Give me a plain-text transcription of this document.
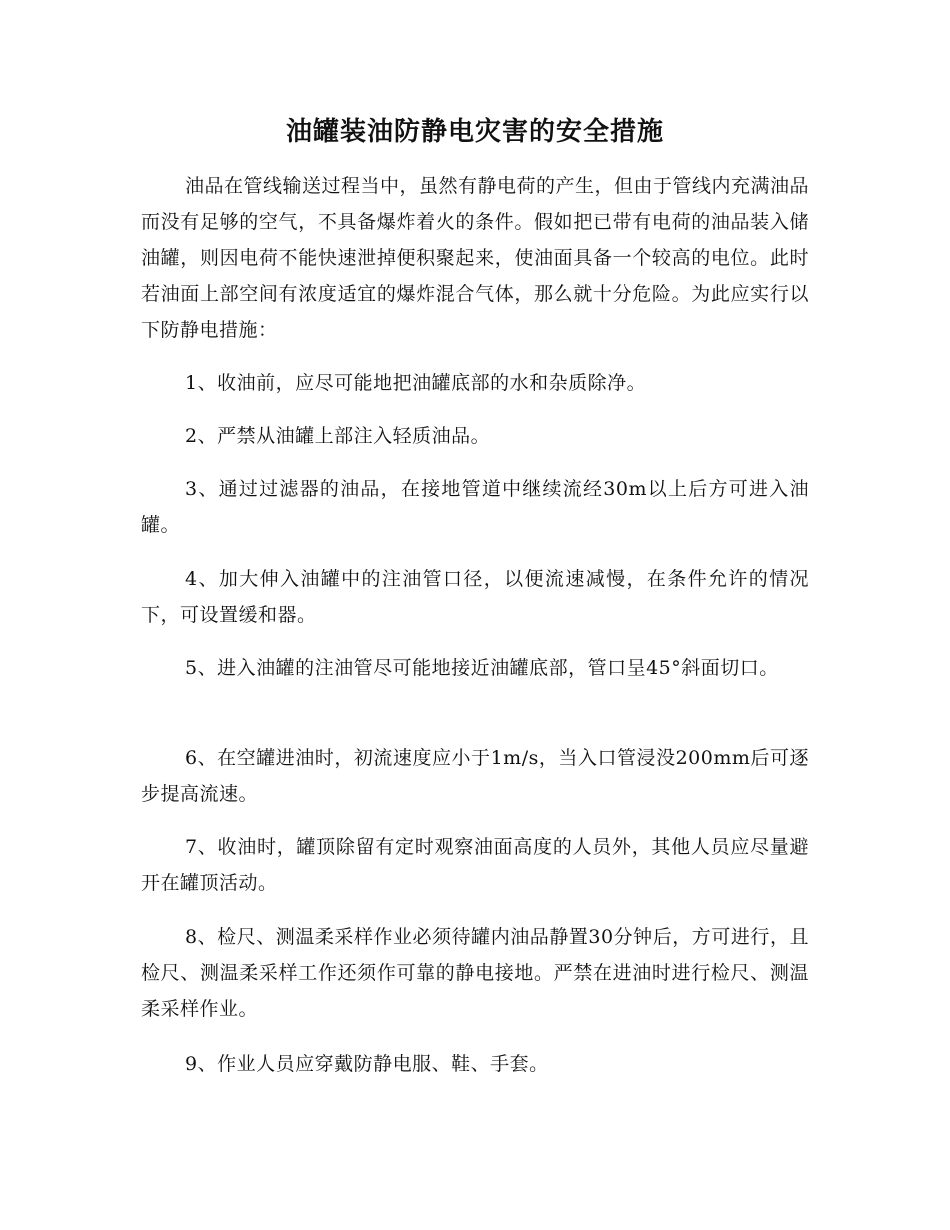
油罐装油防静电灾害的安全措施

油品在管线输送过程当中，虽然有静电荷的产生，但由于管线内充满油品而没有足够的空气，不具备爆炸着火的条件。假如把已带有电荷的油品装入储油罐，则因电荷不能快速泄掉便积聚起来，使油面具备一个较高的电位。此时若油面上部空间有浓度适宜的爆炸混合气体，那么就十分危险。为此应实行以下防静电措施：

1、收油前，应尽可能地把油罐底部的水和杂质除净。

2、严禁从油罐上部注入轻质油品。

3、通过过滤器的油品，在接地管道中继续流经30m以上后方可进入油罐。

4、加大伸入油罐中的注油管口径，以便流速减慢，在条件允许的情况下，可设置缓和器。

5、进入油罐的注油管尽可能地接近油罐底部，管口呈45°斜面切口。

6、在空罐进油时，初流速度应小于1m/s，当入口管浸没200mm后可逐步提高流速。

7、收油时，罐顶除留有定时观察油面高度的人员外，其他人员应尽量避开在罐顶活动。

8、检尺、测温柔采样作业必须待罐内油品静置30分钟后，方可进行，且检尺、测温柔采样工作还须作可靠的静电接地。严禁在进油时进行检尺、测温柔采样作业。

9、作业人员应穿戴防静电服、鞋、手套。
